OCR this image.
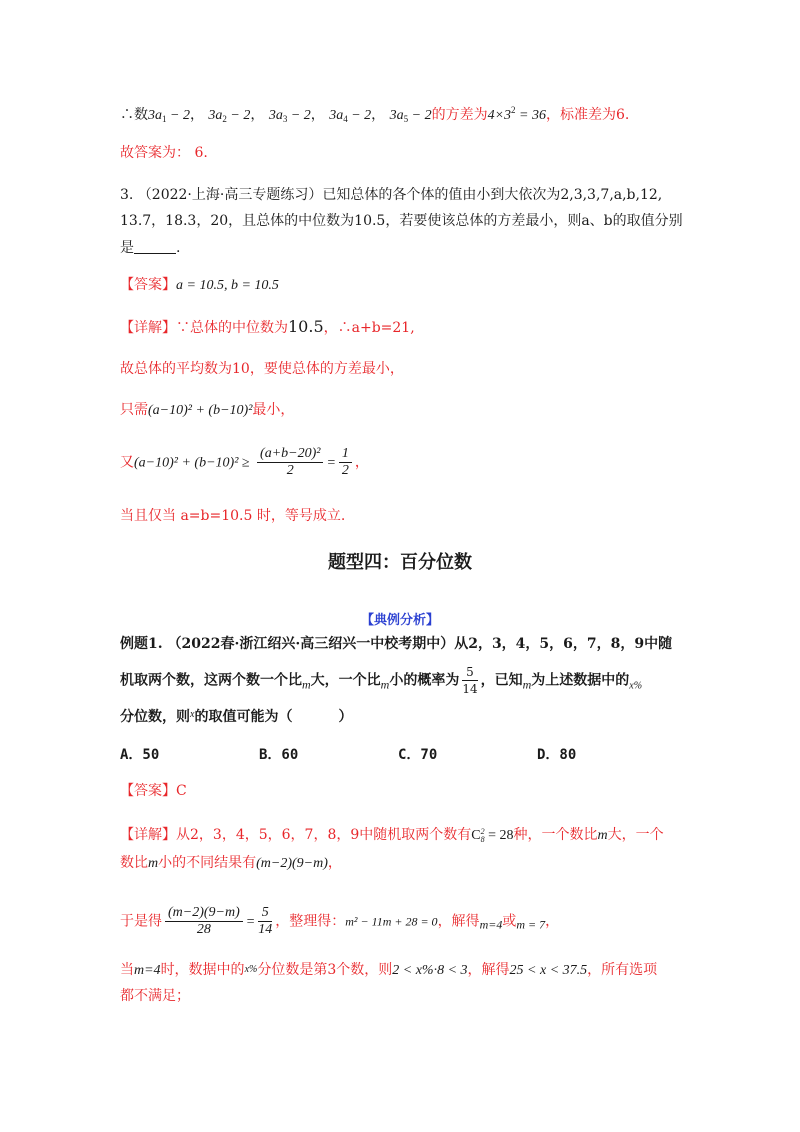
∴数$3a_1 - 2$， $3a_2 - 2$， $3a_3 - 2$， $3a_4 - 2$， $3a_5 - 2$的方差为$4\times 3^2 = 36$，标准差为6.
故答案为： 6.
3. （2022·上海·高三专题练习）已知总体的各个体的值由小到大依次为2,3,3,7,a,b,12,
13.7，18.3，20，且总体的中位数为10.5，若要使该总体的方差最小，则a、b的取值分别
是	.
【答案】a = 10.5, b = 10.5
【详解】∵总体的中位数为10.5，∴a+b=21,
故总体的平均数为10，要使总体的方差最小，
只需(a−10)² + (b−10)²最小，
又$(a-10)^2 + (b-10)^2 \ge \frac{\text{(a+b−20)²}}{2} = \frac{1}{2}$ ，
当且仅当 a=b=10.5 时，等号成立.
题型四：百分位数
【典例分析】
例题1. （2022春·浙江绍兴·高三绍兴一中校考期中）从2，3，4，5，6，7，8，9中随
机取两个数，这两个数一个比m大，一个比m小的概率为 $\frac{5}{14}$ ，已知m为上述数据中的$_{x\%}$
分位数，则$^x$的取值可能为（	）
A．50	B．60	C．70	D．80
【答案】C
【详解】从2，3，4，5，6，7，8，9中随机取两个数有C 2
8 = 28种，一个数比m大，一个
数比m小的不同结果有(m−2)(9−m)，
于是得 $\frac{(m-2)(9-m)}{28} = \frac{5}{14}$ ，整理得：m² − 11m + 28 = 0，解得m=4或m = 7，
当m=4时，数据中的x%分位数是第3个数，则2 < x%·8 < 3，解得25 < x < 37.5，所有选项
都不满足；
